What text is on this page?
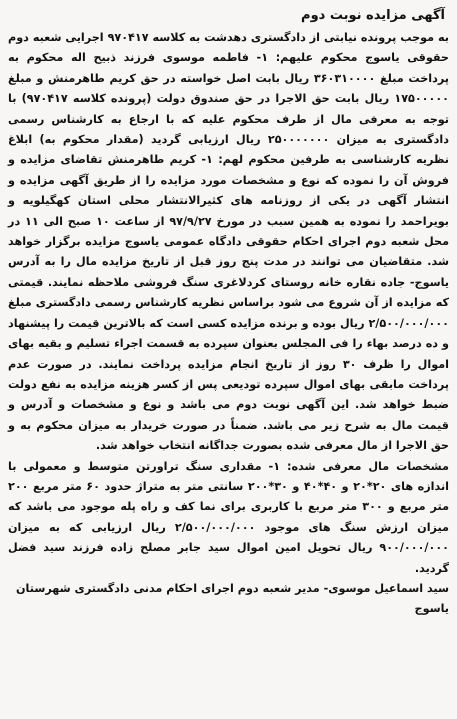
آگهی مزایده نوبت دوم

به موجب پرونده نیابتی از دادگستری دهدشت به کلاسه ۹۷۰۴۱۷ اجرایی شعبه دوم حقوقی یاسوج محکوم علیهم: ۱- فاطمه موسوی فرزند ذبیح اله محکوم به پرداخت مبلغ ۳۶۰۳۱۰۰۰۰ ریال بابت اصل خواسته در حق کریم طاهرمنش و مبلغ ۱۷۵۰۰۰۰۰ ریال بابت حق الاجرا در حق صندوق دولت (پرونده کلاسه ۹۷۰۴۱۷) با توجه به معرفی مال از طرف محکوم علیه که با ارجاع به کارشناس رسمی دادگستری به میزان ۲۵۰۰۰۰۰۰۰ ریال ارزیابی گردید (مقدار محکوم به) ابلاغ نظریه کارشناسی به طرفین محکوم لهم: ۱- کریم طاهرمنش تقاضای مزایده و فروش آن را نموده که نوع و مشخصات مورد مزایده را از طریق آگهی مزایده و انتشار آگهی در یکی از روزنامه های کثیرالانتشار محلی استان کهگیلویه و بویراحمد را نموده به همین سبب در مورخ ۹۷/۹/۲۷ از ساعت ۱۰ صبح الی ۱۱ در محل شعبه دوم اجرای احکام حقوقی دادگاه عمومی یاسوج مزایده برگزار خواهد شد. متقاضیان می توانند در مدت پنج روز قبل از تاریخ مزایده مال را به آدرس یاسوج- جاده نقاره خانه روستای کردلاغری سنگ فروشی ملاحظه نمایند. قیمتی که مزایده از آن شروع می شود براساس نظریه کارشناس رسمی دادگستری مبلغ ۲/۵۰۰/۰۰۰/۰۰۰ ریال بوده و برنده مزایده کسی است که بالاترین قیمت را پیشنهاد و ده درصد بهاء را فی المجلس بعنوان سپرده به قسمت اجراء تسلیم و بقیه بهای اموال را ظرف ۳۰ روز از تاریخ انجام مزایده پرداخت نمایند. در صورت عدم پرداخت مابقی بهای اموال سپرده تودیعی پس از کسر هزینه مزایده به نفع دولت ضبط خواهد شد. این آگهی نوبت دوم می باشد و نوع و مشخصات و آدرس و قیمت مال به شرح زیر می باشد. ضمناً در صورت خریدار به میزان محکوم به و حق الاجرا از مال معرفی شده بصورت جداگانه انتخاب خواهد شد.

مشخصات مال معرفی شده: ۱- مقداری سنگ تراورتن متوسط و معمولی با اندازه های ۲۰*۲۰ و ۴۰*۴۰ و ۳۰*۲۰۰ سانتی متر به متراژ حدود ۶۰ متر مربع ۲۰۰ متر مربع و ۳۰۰ متر مربع با کاربری برای نما کف و راه پله موجود می باشد که میزان ارزش سنگ های موجود ۲/۵۰۰/۰۰۰/۰۰۰ ریال ارزیابی که به میزان ۹۰۰/۰۰۰/۰۰۰ ریال تحویل امین اموال سید جابر مصلح زاده فرزند سید فضل گردید.

سید اسماعیل موسوی- مدیر شعبه دوم اجرای احکام مدنی دادگستری شهرستان یاسوج
